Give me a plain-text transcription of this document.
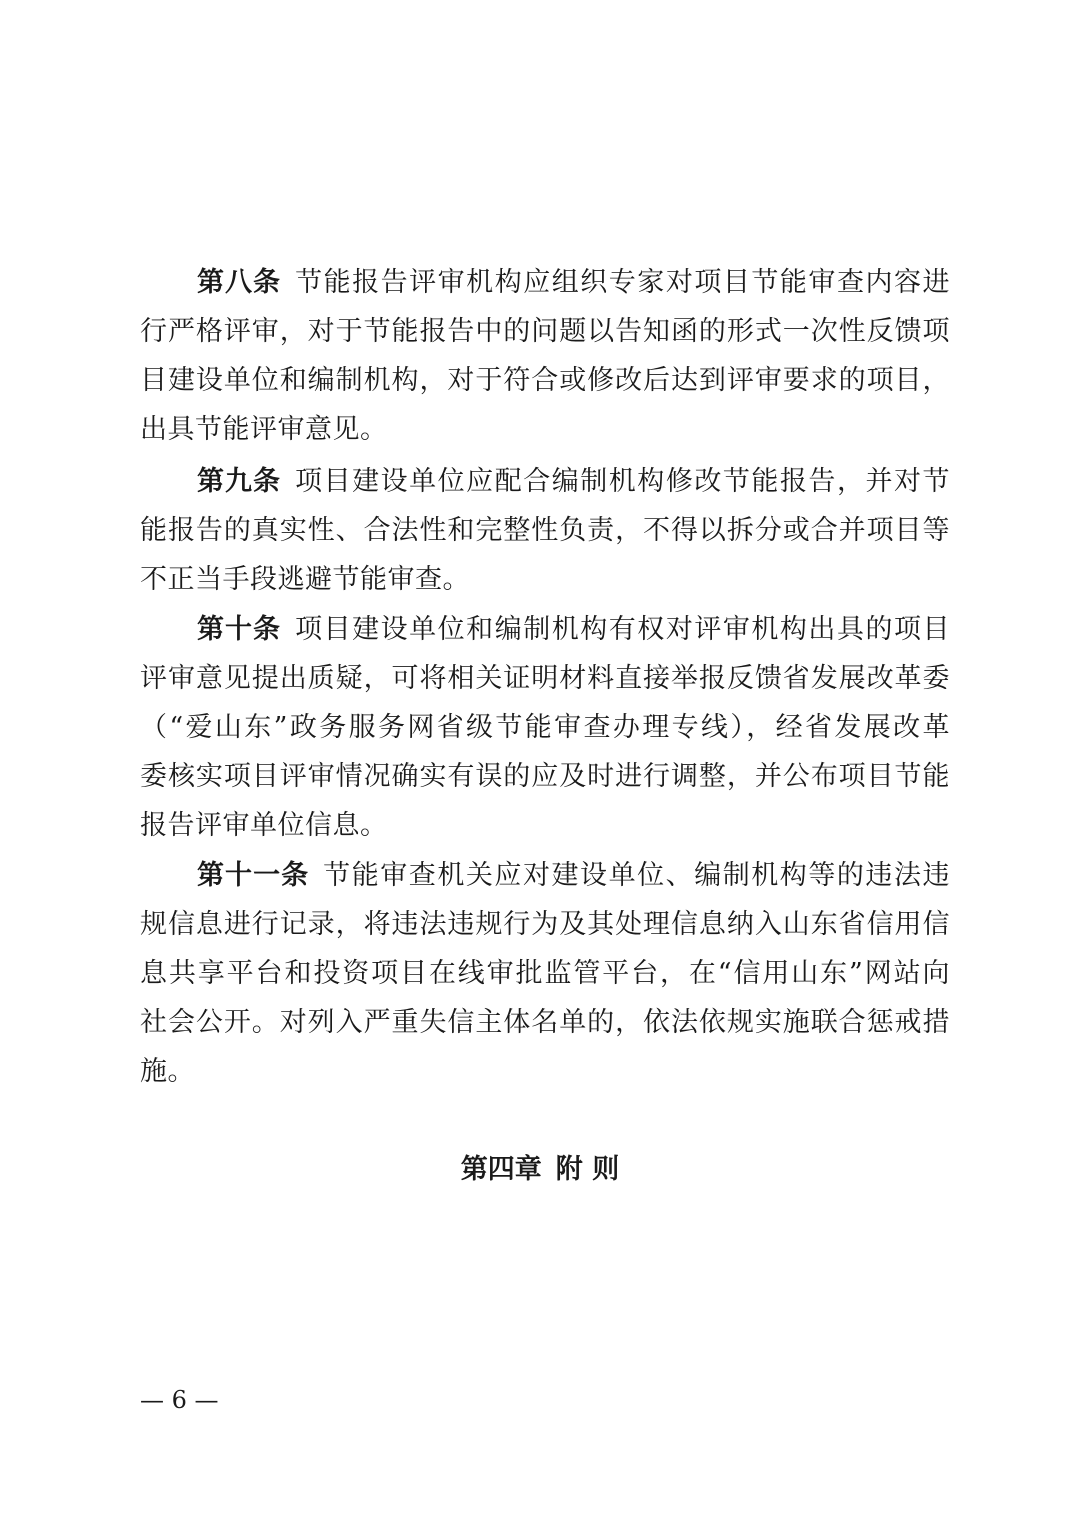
第八条 节能报告评审机构应组织专家对项目节能审查内容进
行严格评审，对于节能报告中的问题以告知函的形式一次性反馈项
目建设单位和编制机构，对于符合或修改后达到评审要求的项目，
出具节能评审意见。
第九条 项目建设单位应配合编制机构修改节能报告，并对节
能报告的真实性、合法性和完整性负责，不得以拆分或合并项目等
不正当手段逃避节能审查。
第十条 项目建设单位和编制机构有权对评审机构出具的项目
评审意见提出质疑，可将相关证明材料直接举报反馈省发展改革委
（“爱山东”政务服务网省级节能审查办理专线），经省发展改革
委核实项目评审情况确实有误的应及时进行调整，并公布项目节能
报告评审单位信息。
第十一条 节能审查机关应对建设单位、编制机构等的违法违
规信息进行记录，将违法违规行为及其处理信息纳入山东省信用信
息共享平台和投资项目在线审批监管平台，在“信用山东”网站向
社会公开。对列入严重失信主体名单的，依法依规实施联合惩戒措
施。
第四章 附 则
— 6 —
